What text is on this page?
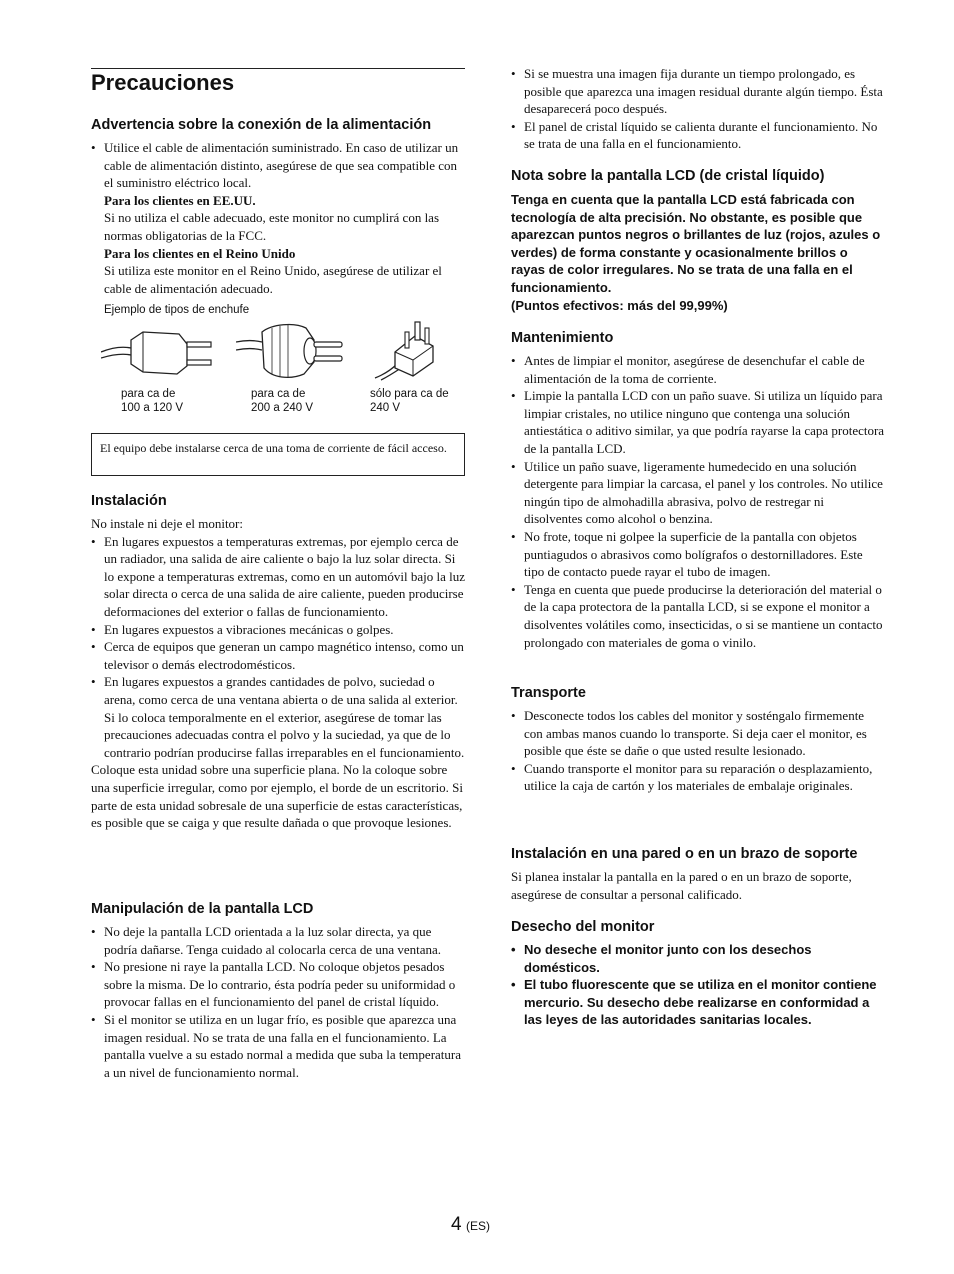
Precauciones
Advertencia sobre la conexión de la alimentación
• Utilice el cable de alimentación suministrado. En caso de utilizar un cable de alimentación distinto, asegúrese de que sea compatible con el suministro eléctrico local.
Para los clientes en EE.UU.
Si no utiliza el cable adecuado, este monitor no cumplirá con las normas obligatorias de la FCC.
Para los clientes en el Reino Unido
Si utiliza este monitor en el Reino Unido, asegúrese de utilizar el cable de alimentación adecuado.
Ejemplo de tipos de enchufe
para ca de
100 a 120 V
para ca de
200 a 240 V
sólo para ca de
240 V
Instalación

No instale ni deje el monitor:

• En lugares expuestos a temperaturas extremas, por ejemplo cerca de un radiador, una salida de aire caliente o bajo la luz solar directa. Si lo expone a temperaturas extremas, como en un automóvil bajo la luz solar directa o cerca de una salida de aire caliente, pueden producirse deformaciones del exterior o fallas de funcionamiento.
• En lugares expuestos a vibraciones mecánicas o golpes.
• Cerca de equipos que generan un campo magnético intenso, como un televisor o demás electrodomésticos.
• En lugares expuestos a grandes cantidades de polvo, suciedad o arena, como cerca de una ventana abierta o de una salida al exterior. Si lo coloca temporalmente en el exterior, asegúrese de tomar las precauciones adecuadas contra el polvo y la suciedad, ya que de lo contrario podrían producirse fallas irreparables en el funcionamiento.

Coloque esta unidad sobre una superficie plana. No la coloque sobre una superficie irregular, como por ejemplo, el borde de un escritorio. Si parte de esta unidad sobresale de una superficie de estas características, es posible que se caiga y que resulte dañada o que provoque lesiones.

Manipulación de la pantalla LCD
• No deje la pantalla LCD orientada a la luz solar directa, ya que podría dañarse. Tenga cuidado al colocarla cerca de una ventana.
• No presione ni raye la pantalla LCD. No coloque objetos pesados sobre la misma. De lo contrario, ésta podría peder su uniformidad o provocar fallas en el funcionamiento del panel de cristal líquido.
• Si el monitor se utiliza en un lugar frío, es posible que aparezca una imagen residual. No se trata de una falla en el funcionamiento. La pantalla vuelve a su estado normal a medida que suba la temperatura a un nivel de funcionamiento normal.
El equipo debe instalarse cerca de una toma de corriente de fácil acceso.
• Si se muestra una imagen fija durante un tiempo prolongado, es posible que aparezca una imagen residual durante algún tiempo. Ésta desaparecerá poco después.
• El panel de cristal líquido se calienta durante el funcionamiento. No se trata de una falla en el funcionamiento.
Nota sobre la pantalla LCD (de cristal líquido)
Tenga en cuenta que la pantalla LCD está fabricada con tecnología de alta precisión. No obstante, es posible que aparezcan puntos negros o brillantes de luz (rojos, azules o verdes) de forma constante y ocasionalmente brillos o rayas de color irregulares. No se trata de una falla en el funcionamiento.
(Puntos efectivos: más del 99,99%)
Mantenimiento
• Antes de limpiar el monitor, asegúrese de desenchufar el cable de alimentación de la toma de corriente.
• Limpie la pantalla LCD con un paño suave. Si utiliza un líquido para limpiar cristales, no utilice ninguno que contenga una solución antiestática o aditivo similar, ya que podría rayarse la capa protectora de la pantalla LCD.
• Utilice un paño suave, ligeramente humedecido en una solución detergente para limpiar la carcasa, el panel y los controles. No utilice ningún tipo de almohadilla abrasiva, polvo de restregar ni disolventes como alcohol o benzina.
• No frote, toque ni golpee la superficie de la pantalla con objetos puntiagudos o abrasivos como bolígrafos o destornilladores. Este tipo de contacto puede rayar el tubo de imagen.
• Tenga en cuenta que puede producirse la deterioración del material o de la capa protectora de la pantalla LCD, si se expone el monitor a disolventes volátiles como, insecticidas, o si se mantiene un contacto prolongado con materiales de goma o vinilo.
Transporte
• Desconecte todos los cables del monitor y sosténgalo firmemente con ambas manos cuando lo transporte. Si deja caer el monitor, es posible que éste se dañe o que usted resulte lesionado.
• Cuando transporte el monitor para su reparación o desplazamiento, utilice la caja de cartón y los materiales de embalaje originales.
Instalación en una pared o en un brazo de soporte

Si planea instalar la pantalla en la pared o en un brazo de soporte, asegúrese de consultar a personal calificado.

Desecho del monitor
• No deseche el monitor junto con los desechos domésticos.
• El tubo fluorescente que se utiliza en el monitor contiene mercurio. Su desecho debe realizarse en conformidad a las leyes de las autoridades sanitarias locales.
4 (ES)
